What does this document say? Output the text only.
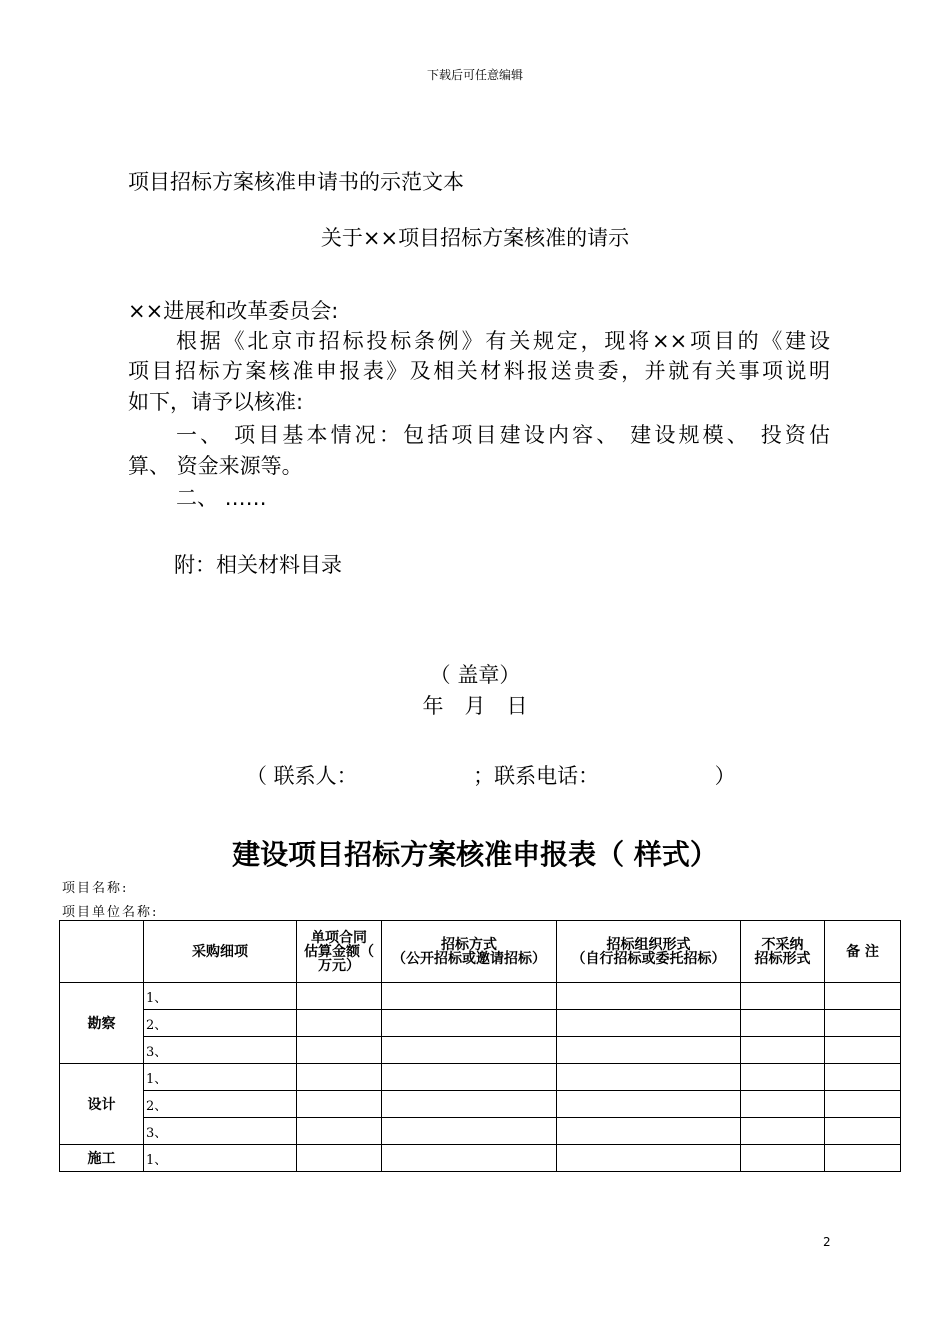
下载后可任意编辑
项目招标方案核准申请书的示范文本
关于××项目招标方案核准的请示
××进展和改革委员会:
根据《北京市招标投标条例》有关规定，现将××项目的《建设
项目招标方案核准申报表》及相关材料报送贵委，并就有关事项说明
如下，请予以核准:
一、 项目基本情况：包括项目建设内容、 建设规模、 投资估
算、 资金来源等。
二、 ……
附：相关材料目录
（ 盖章）
年　月　日
（ 联系人：　　　　　　；联系电话：　　　　　　）
建设项目招标方案核准申报表（ 样式）
项目名称:
项目单位名称:
	采购细项	单项合同
估算金额（
万元）	招标方式
（公开招标或邀请招标）	招标组织形式
（自行招标或委托招标）	不采纳
招标形式	备 注
勘察	1、					
	2、					
	3、					
设计	1、					
	2、					
	3、					
施工	1、					
2
